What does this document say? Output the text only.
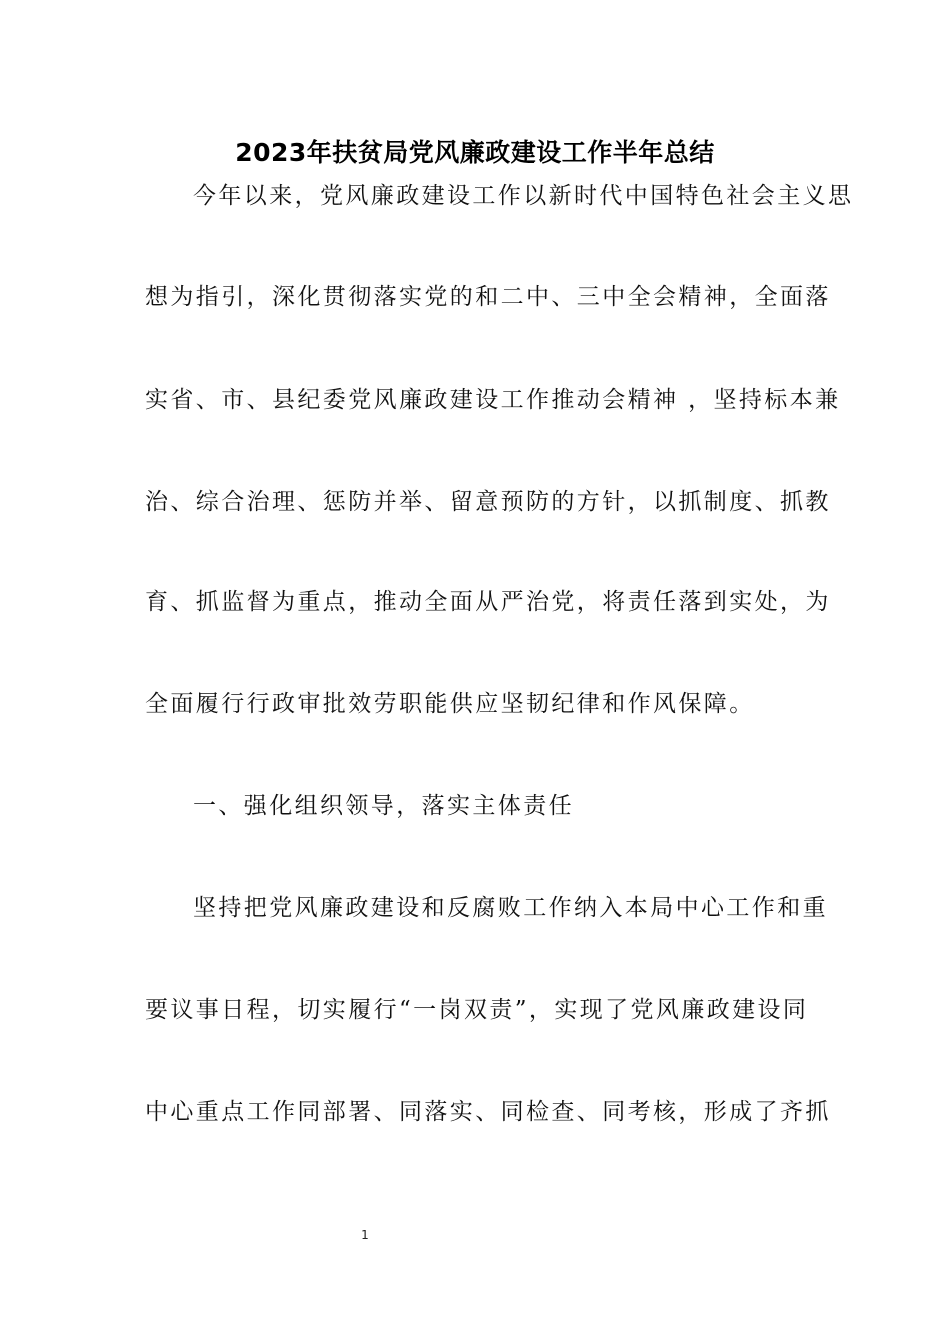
2023年扶贫局党风廉政建设工作半年总结
今年以来，党风廉政建设工作以新时代中国特色社会主义思
想为指引，深化贯彻落实党的和二中、三中全会精神，全面落
实省、市、县纪委党风廉政建设工作推动会精神 ，坚持标本兼
治、综合治理、惩防并举、留意预防的方针，以抓制度、抓教
育、抓监督为重点，推动全面从严治党，将责任落到实处，为
全面履行行政审批效劳职能供应坚韧纪律和作风保障。
一、强化组织领导，落实主体责任
坚持把党风廉政建设和反腐败工作纳入本局中心工作和重
要议事日程，切实履行“一岗双责”，实现了党风廉政建设同
中心重点工作同部署、同落实、同检查、同考核，形成了齐抓
1
